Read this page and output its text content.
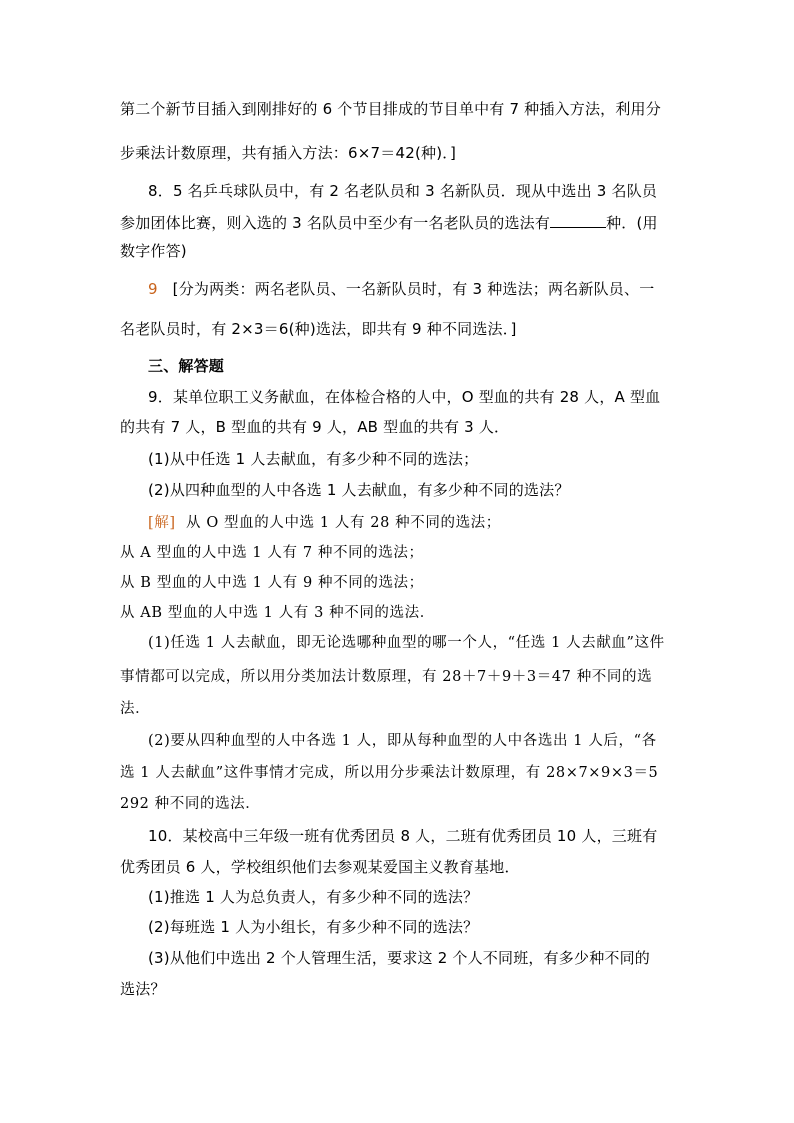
第二个新节目插入到刚排好的 6 个节目排成的节目单中有 7 种插入方法，利用分
步乘法计数原理，共有插入方法：6×7＝42(种)．]
8．5 名乒乓球队员中，有 2 名老队员和 3 名新队员．现从中选出 3 名队员
参加团体比赛，则入选的 3 名队员中至少有一名老队员的选法有	种．(用
数字作答)
9 [分为两类：两名老队员、一名新队员时，有 3 种选法；两名新队员、一
名老队员时，有 2×3＝6(种)选法，即共有 9 种不同选法．]
三、解答题
9．某单位职工义务献血，在体检合格的人中，O 型血的共有 28 人，A 型血
的共有 7 人，B 型血的共有 9 人，AB 型血的共有 3 人．
(1)从中任选 1 人去献血，有多少种不同的选法；
(2)从四种血型的人中各选 1 人去献血，有多少种不同的选法？
[解] 从 O 型血的人中选 1 人有 28 种不同的选法；
从 A 型血的人中选 1 人有 7 种不同的选法；
从 B 型血的人中选 1 人有 9 种不同的选法；
从 AB 型血的人中选 1 人有 3 种不同的选法．
(1)任选 1 人去献血，即无论选哪种血型的哪一个人，“任选 1 人去献血”这件
事情都可以完成，所以用分类加法计数原理，有 28＋7＋9＋3＝47 种不同的选
法．
(2)要从四种血型的人中各选 1 人，即从每种血型的人中各选出 1 人后，“各
选 1 人去献血”这件事情才完成，所以用分步乘法计数原理，有 28×7×9×3＝5
292 种不同的选法．
10．某校高中三年级一班有优秀团员 8 人，二班有优秀团员 10 人，三班有
优秀团员 6 人，学校组织他们去参观某爱国主义教育基地．
(1)推选 1 人为总负责人，有多少种不同的选法？
(2)每班选 1 人为小组长，有多少种不同的选法？
(3)从他们中选出 2 个人管理生活，要求这 2 个人不同班，有多少种不同的
选法？
